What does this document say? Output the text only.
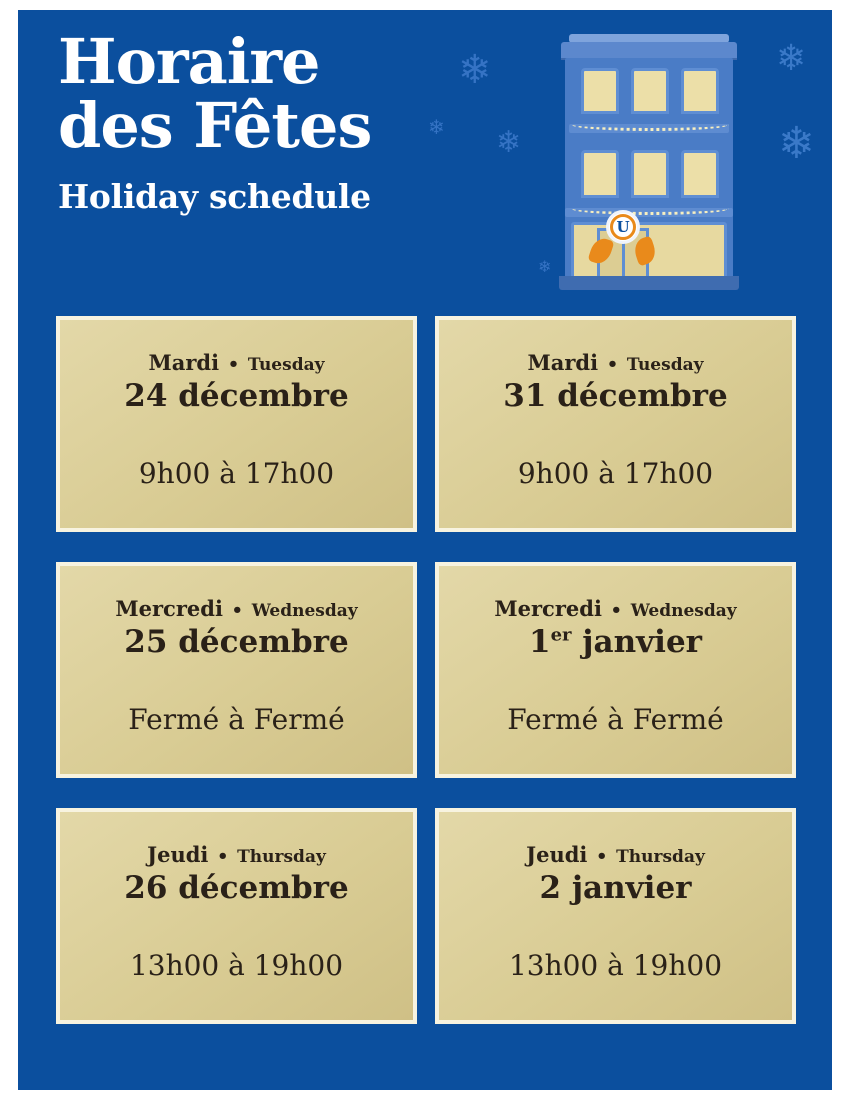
Horaire
des Fêtes
Holiday schedule
❄
❄ ❄
❄
❄
❄
U
Mardi • Tuesday
24 décembre
9h00 à 17h00
Mardi • Tuesday
31 décembre
9h00 à 17h00
Mercredi • Wednesday
25 décembre
Fermé à Fermé
Mercredi • Wednesday
1er janvier
Fermé à Fermé
Jeudi • Thursday
26 décembre
13h00 à 19h00
Jeudi • Thursday
2 janvier
13h00 à 19h00
